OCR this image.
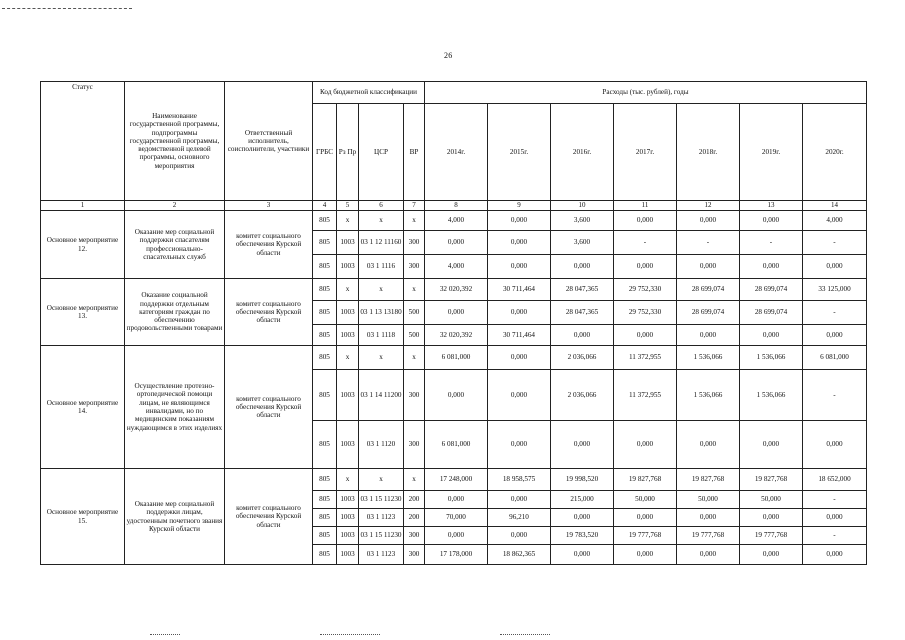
26
Статус	Наименование государственной программы, подпрограммы государственной программы, ведомственной целевой программы, основного мероприятия	Ответственный исполнитель, соисполнители, участники	Код бюджетной классификации				Расходы (тыс. рублей), годы						
			ГРБС	Рз Пр	ЦСР	ВР	2014г.	2015г.	2016г.	2017г.	2018г.	2019г.	2020г.
1	2	3	4	5	6	7	8	9	10	11	12	13	14
Основное мероприятие 12.	Оказание мер социальной поддержки спасателям профессионально-спасательных служб	комитет социального обеспечения Курской области	805	x	x	x	4,000	0,000	3,600	0,000	0,000	0,000	4,000
			805	1003	03 1 12 11160	300	0,000	0,000	3,600	-	-	-	-
			805	1003	03 1 1116	300	4,000	0,000	0,000	0,000	0,000	0,000	0,000
Основное мероприятие 13.	Оказание социальной поддержки отдельным категориям граждан по обеспечению продовольственными товарами	комитет социального обеспечения Курской области	805	x	x	x	32 020,392	30 711,464	28 047,365	29 752,330	28 699,074	28 699,074	33 125,000
			805	1003	03 1 13 13180	500	0,000	0,000	28 047,365	29 752,330	28 699,074	28 699,074	-
			805	1003	03 1 1118	500	32 020,392	30 711,464	0,000	0,000	0,000	0,000	0,000
Основное мероприятие 14.	Осуществление протезно-ортопедической помощи лицам, не являющимся инвалидами, но по медицинским показаниям нуждающимся в этих изделиях	комитет социального обеспечения Курской области	805	x	x	x	6 081,000	0,000	2 036,066	11 372,955	1 536,066	1 536,066	6 081,000
			805	1003	03 1 14 11200	300	0,000	0,000	2 036,066	11 372,955	1 536,066	1 536,066	-
			805	1003	03 1 1120	300	6 081,000	0,000	0,000	0,000	0,000	0,000	0,000
Основное мероприятие 15.	Оказание мер социальной поддержки лицам, удостоенным почетного звания Курской области	комитет социального обеспечения Курской области	805	x	x	x	17 248,000	18 958,575	19 998,520	19 827,768	19 827,768	19 827,768	18 652,000
			805	1003	03 1 15 11230	200	0,000	0,000	215,000	50,000	50,000	50,000	-
			805	1003	03 1 1123	200	70,000	96,210	0,000	0,000	0,000	0,000	0,000
			805	1003	03 1 15 11230	300	0,000	0,000	19 783,520	19 777,768	19 777,768	19 777,768	-
			805	1003	03 1 1123	300	17 178,000	18 862,365	0,000	0,000	0,000	0,000	0,000
